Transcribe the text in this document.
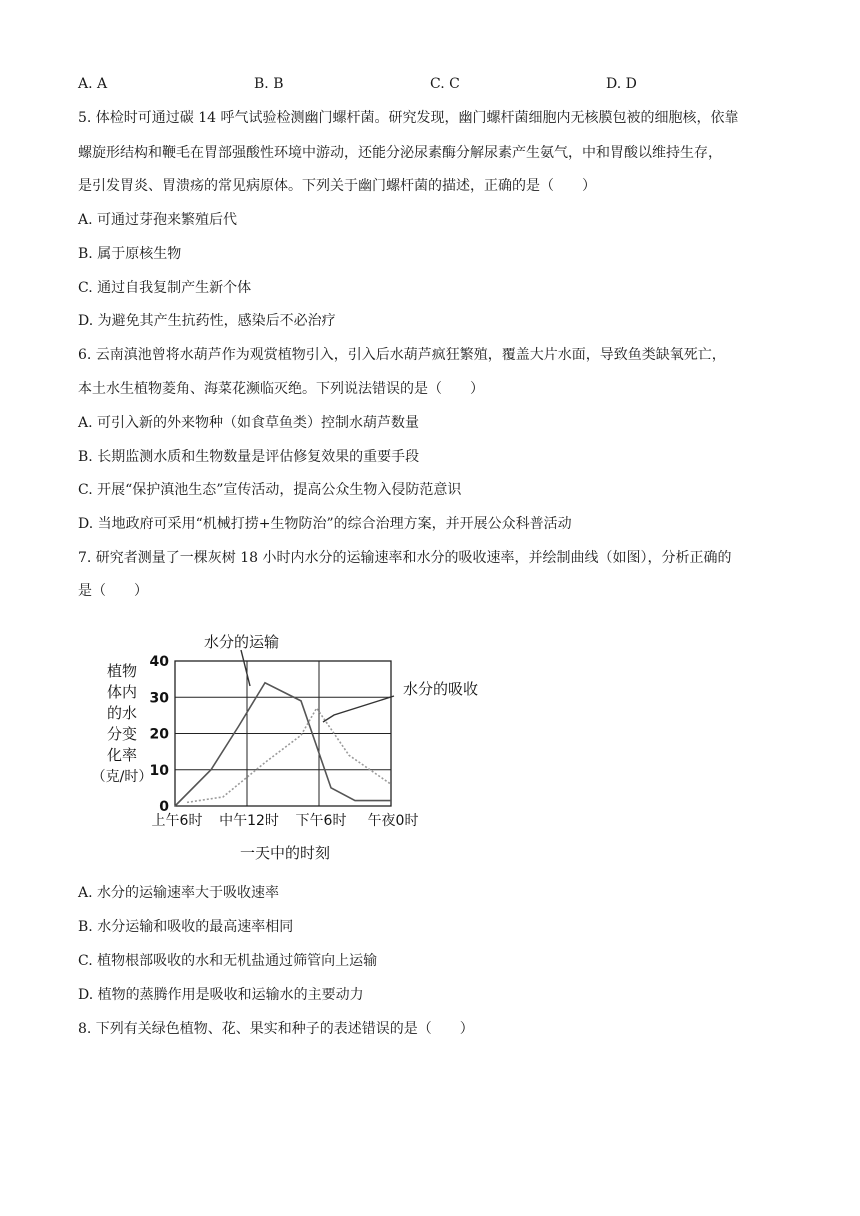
A. A	B. B	C. C	D. D
5. 体检时可通过碳 14 呼气试验检测幽门螺杆菌。研究发现，幽门螺杆菌细胞内无核膜包被的细胞核，依靠
螺旋形结构和鞭毛在胃部强酸性环境中游动，还能分泌尿素酶分解尿素产生氨气，中和胃酸以维持生存，
是引发胃炎、胃溃疡的常见病原体。下列关于幽门螺杆菌的描述，正确的是（　　）
A. 可通过芽孢来繁殖后代
B. 属于原核生物
C. 通过自我复制产生新个体
D. 为避免其产生抗药性，感染后不必治疗
6. 云南滇池曾将水葫芦作为观赏植物引入，引入后水葫芦疯狂繁殖，覆盖大片水面，导致鱼类缺氧死亡，
本土水生植物菱角、海菜花濒临灭绝。下列说法错误的是（　　）
A. 可引入新的外来物种（如食草鱼类）控制水葫芦数量
B. 长期监测水质和生物数量是评估修复效果的重要手段
C. 开展“保护滇池生态”宣传活动，提高公众生物入侵防范意识
D. 当地政府可采用“机械打捞+生物防治”的综合治理方案，并开展公众科普活动
7. 研究者测量了一棵灰树 18 小时内水分的运输速率和水分的吸收速率，并绘制曲线（如图），分析正确的
是（　　）
0
10
20
30
40
上午6时 中午12时 下午6时 午夜0时
植物
体内
的水
分变
化率
（克/时）
一天中的时刻
水分的运输
水分的吸收
A. 水分的运输速率大于吸收速率
B. 水分运输和吸收的最高速率相同
C. 植物根部吸收的水和无机盐通过筛管向上运输
D. 植物的蒸腾作用是吸收和运输水的主要动力
8. 下列有关绿色植物、花、果实和种子的表述错误的是（　　）
